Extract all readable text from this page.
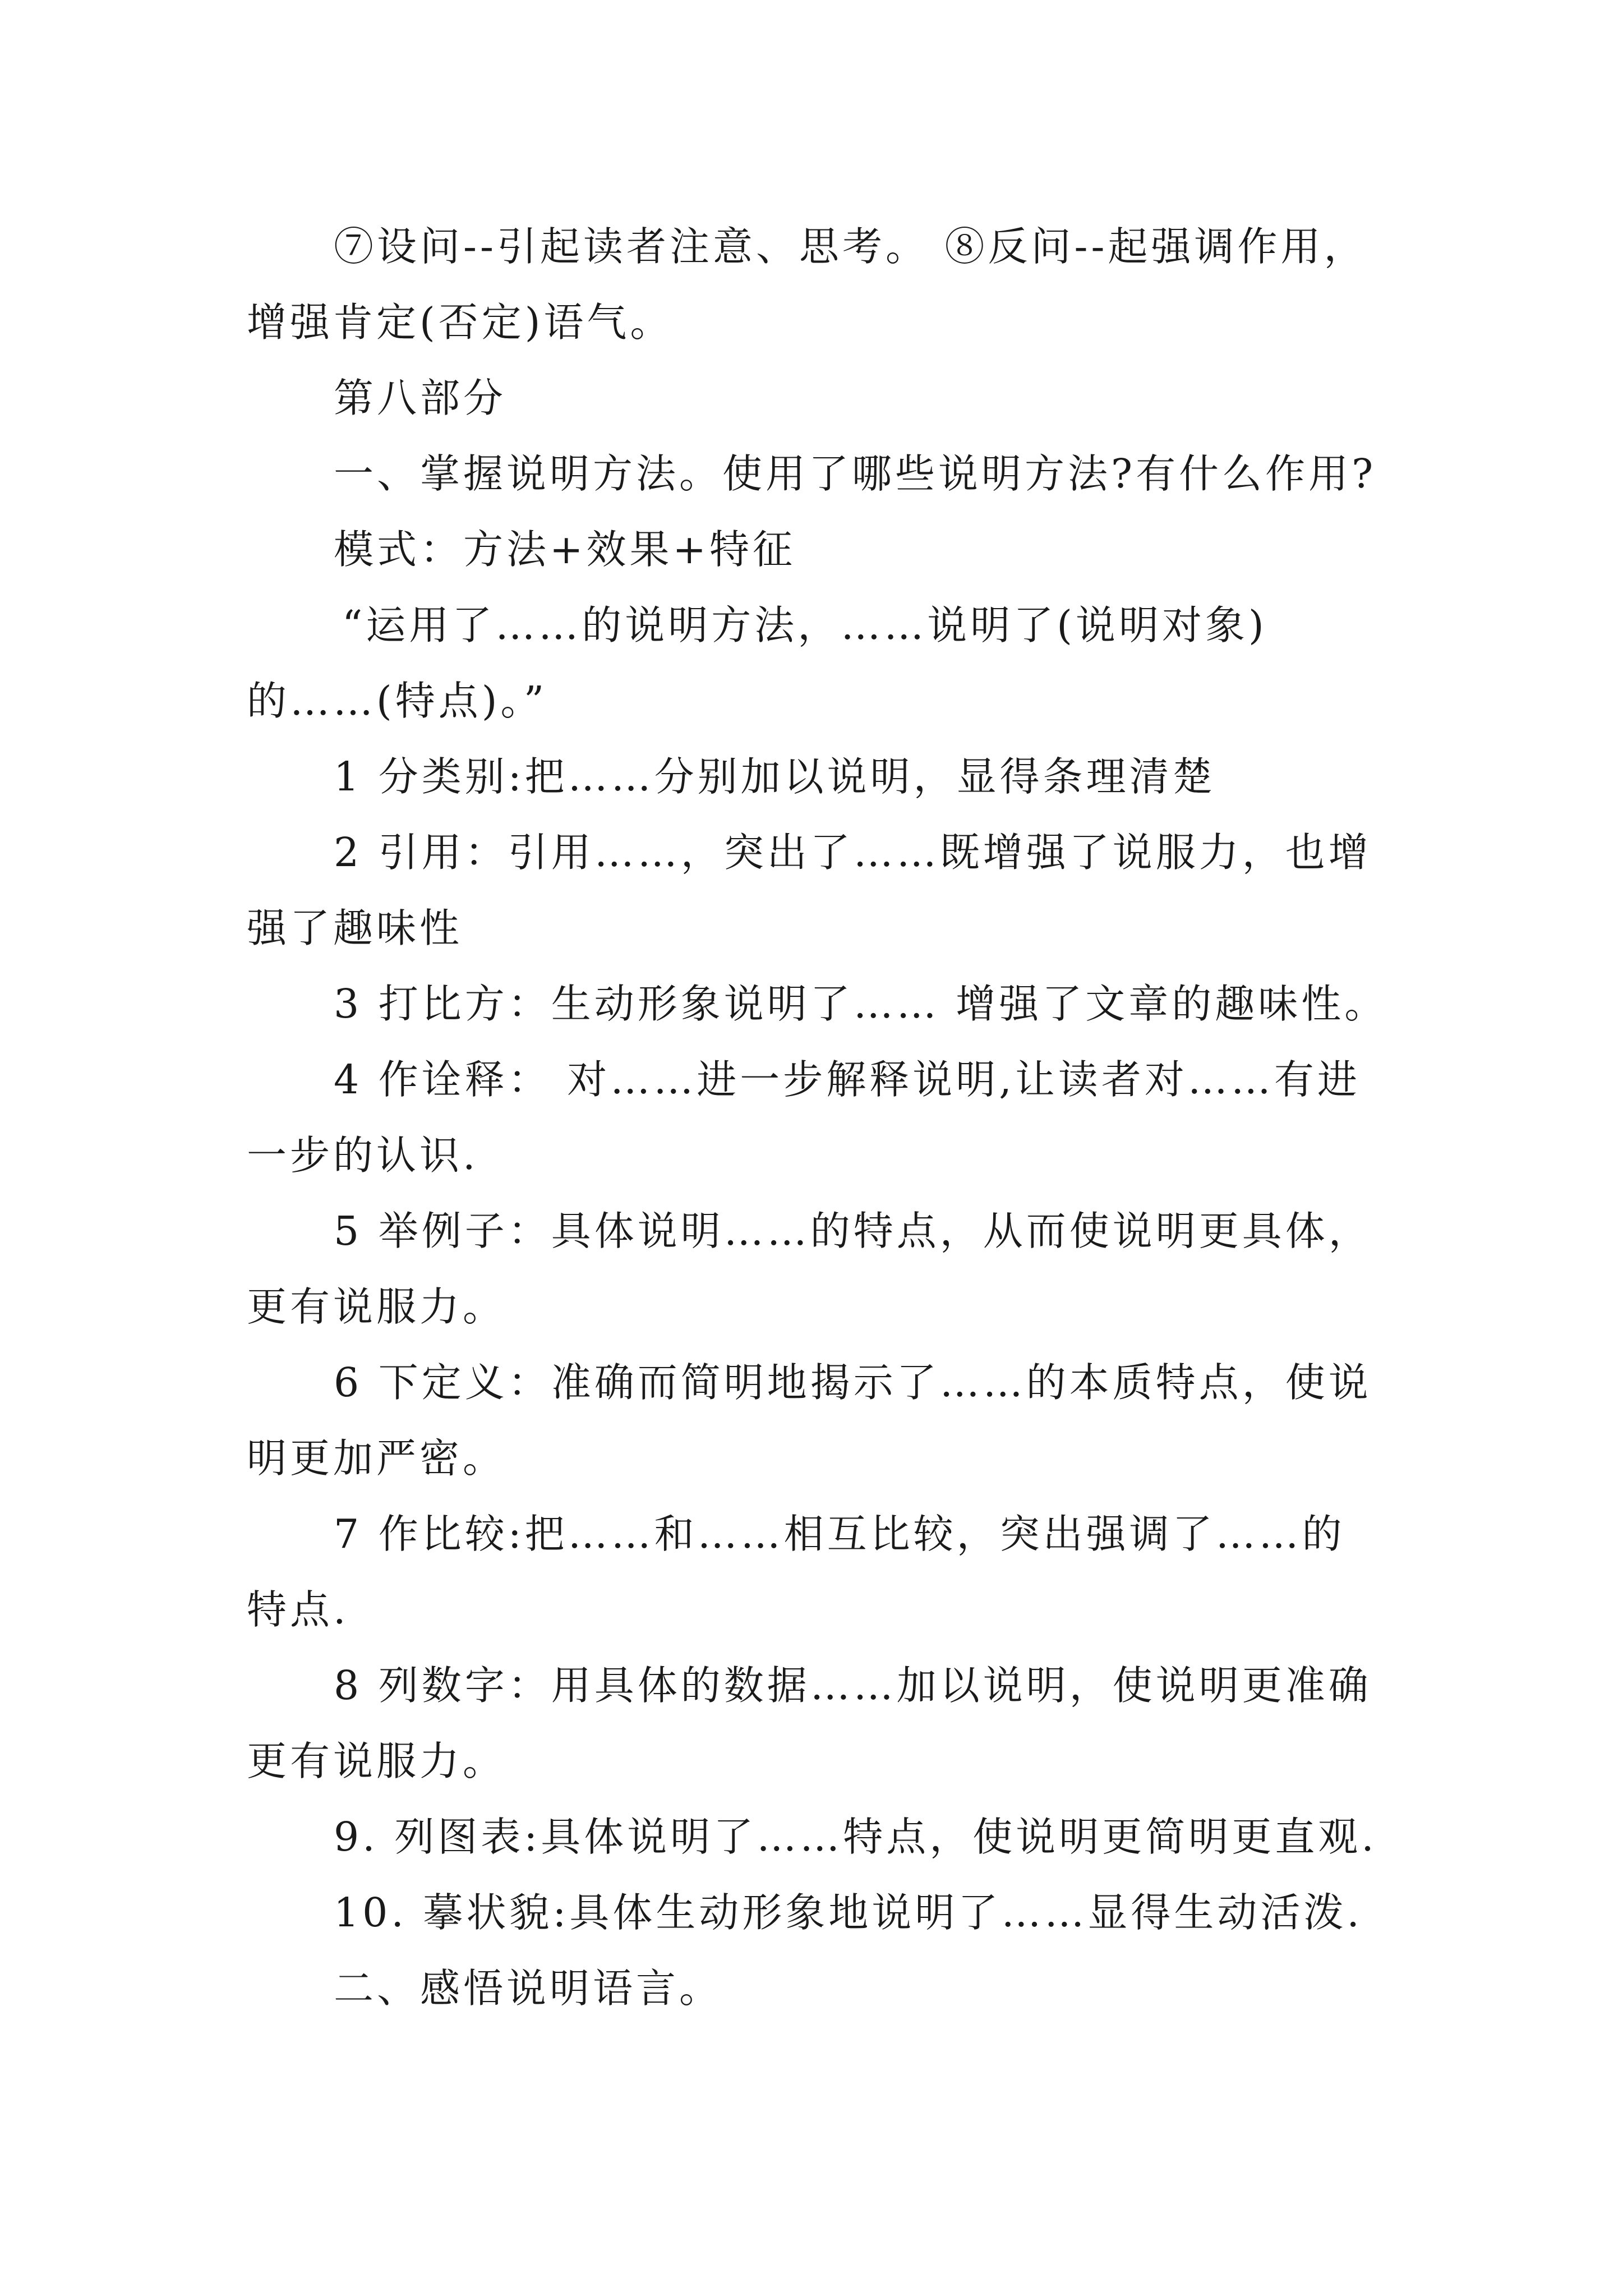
⑦设问--引起读者注意、思考。 ⑧反问--起强调作用，
增强肯定(否定)语气。
第八部分
一、掌握说明方法。使用了哪些说明方法?有什么作用?
模式：方法+效果+特征
“运用了……的说明方法，……说明了(说明对象)
的……(特点)。”
1 分类别:把……分别加以说明，显得条理清楚
2 引用：引用……，突出了……既增强了说服力，也增
强了趣味性
3 打比方：生动形象说明了…… 增强了文章的趣味性。
4 作诠释： 对……进一步解释说明,让读者对……有进
一步的认识.
5 举例子：具体说明……的特点，从而使说明更具体，
更有说服力。
6 下定义：准确而简明地揭示了……的本质特点，使说
明更加严密。
7 作比较:把……和……相互比较，突出强调了……的
特点.
8 列数字：用具体的数据……加以说明，使说明更准确
更有说服力。
9. 列图表:具体说明了……特点，使说明更简明更直观.
10. 摹状貌:具体生动形象地说明了……显得生动活泼.
二、感悟说明语言。
